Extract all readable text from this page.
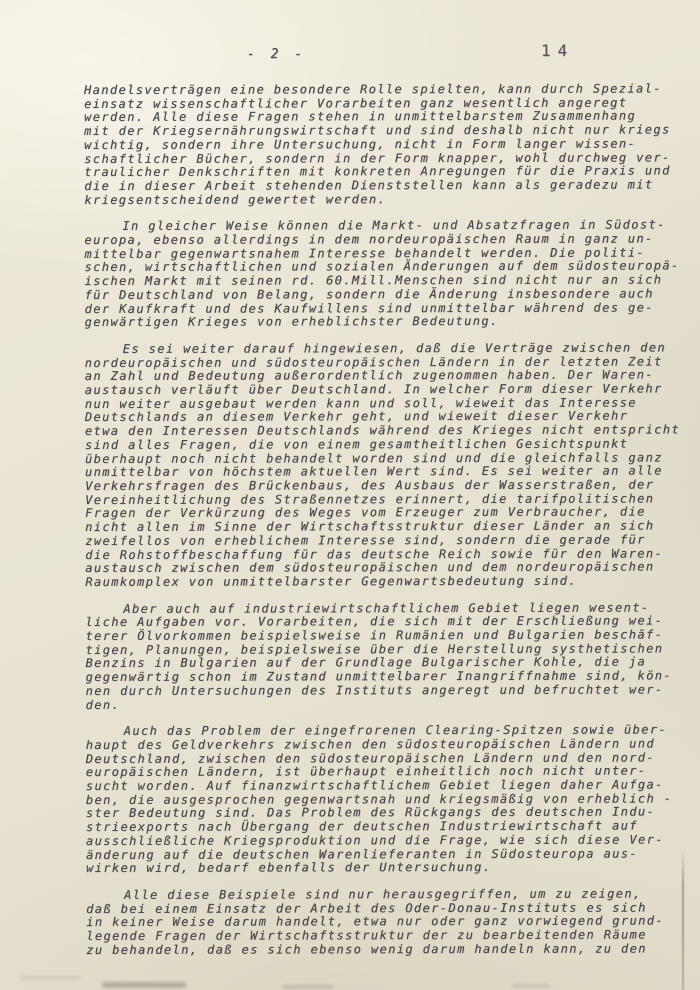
- 2 -	14
Handelsverträgen eine besondere Rolle spielten, kann durch Spezial-
einsatz wissenschaftlicher Vorarbeiten ganz wesentlich angeregt
werden. Alle diese Fragen stehen in unmittelbarstem Zusammenhang
mit der Kriegsernährungswirtschaft und sind deshalb nicht nur kriegs
wichtig, sondern ihre Untersuchung, nicht in Form langer wissen-
schaftlicher Bücher, sondern in der Form knapper, wohl durchweg ver-
traulicher Denkschriften mit konkreten Anregungen für die Praxis und
die in dieser Arbeit stehenden Dienststellen kann als geradezu mit
kriegsentscheidend gewertet werden.
In gleicher Weise können die Markt- und Absatzfragen in Südost-
europa, ebenso allerdings in dem nordeuropäischen Raum in ganz un-
mittelbar gegenwartsnahem Interesse behandelt werden. Die politi-
schen, wirtschaftlichen und sozialen Änderungen auf dem südosteuropä-
ischen Markt mit seinen rd. 60.Mill.Menschen sind nicht nur an sich
für Deutschland von Belang, sondern die Änderung insbesondere auch
der Kaufkraft und des Kaufwillens sind unmittelbar während des ge-
genwärtigen Krieges von erheblichster Bedeutung.
Es sei weiter darauf hingewiesen, daß die Verträge zwischen den
nordeuropäischen und südosteuropäischen Ländern in der letzten Zeit
an Zahl und Bedeutung außerordentlich zugenommen haben. Der Waren-
austausch verläuft über Deutschland. In welcher Form dieser Verkehr
nun weiter ausgebaut werden kann und soll, wieweit das Interesse
Deutschlands an diesem Verkehr geht, und wieweit dieser Verkehr
etwa den Interessen Deutschlands während des Krieges nicht entspricht
sind alles Fragen, die von einem gesamtheitlichen Gesichtspunkt
überhaupt noch nicht behandelt worden sind und die gleichfalls ganz
unmittelbar von höchstem aktuellen Wert sind. Es sei weiter an alle
Verkehrsfragen des Brückenbaus, des Ausbaus der Wasserstraßen, der
Vereinheitlichung des Straßennetzes erinnert, die tarifpolitischen
Fragen der Verkürzung des Weges vom Erzeuger zum Verbraucher, die
nicht allen im Sinne der Wirtschaftsstruktur dieser Länder an sich
zweifellos von erheblichem Interesse sind, sondern die gerade für
die Rohstoffbeschaffung für das deutsche Reich sowie für den Waren-
austausch zwischen dem südosteuropäischen und dem nordeuropäischen
Raumkomplex von unmittelbarster Gegenwartsbedeutung sind.
Aber auch auf industriewirtschaftlichem Gebiet liegen wesent-
liche Aufgaben vor. Vorarbeiten, die sich mit der Erschließung wei-
terer Ölvorkommen beispielsweise in Rumänien und Bulgarien beschäf-
tigen, Planungen, beispielsweise über die Herstellung systhetischen
Benzins in Bulgarien auf der Grundlage Bulgarischer Kohle, die ja
gegenwärtig schon im Zustand unmittelbarer Inangriffnahme sind, kön-
nen durch Untersuchungen des Instituts angeregt und befruchtet wer-
den.
Auch das Problem der eingefrorenen Clearing-Spitzen sowie über-
haupt des Geldverkehrs zwischen den südosteuropäischen Ländern und
Deutschland, zwischen den südosteuropäischen Ländern und den nord-
europäischen Ländern, ist überhaupt einheitlich noch nicht unter-
sucht worden. Auf finanzwirtschaftlichem Gebiet liegen daher Aufga-
ben, die ausgesprochen gegenwartsnah und kriegsmäßig von erheblich -
ster Bedeutung sind. Das Problem des Rückgangs des deutschen Indu-
strieexports nach Übergang der deutschen Industriewirtschaft auf
ausschließliche Kriegsproduktion und die Frage, wie sich diese Ver-
änderung auf die deutschen Warenlieferanten in Südosteuropa aus-
wirken wird, bedarf ebenfalls der Untersuchung.
Alle diese Beispiele sind nur herausgegriffen, um zu zeigen,
daß bei einem Einsatz der Arbeit des Oder-Donau-Instituts es sich
in keiner Weise darum handelt, etwa nur oder ganz vorwiegend grund-
legende Fragen der Wirtschaftsstruktur der zu bearbeitenden Räume
zu behandeln, daß es sich ebenso wenig darum handeln kann, zu den
